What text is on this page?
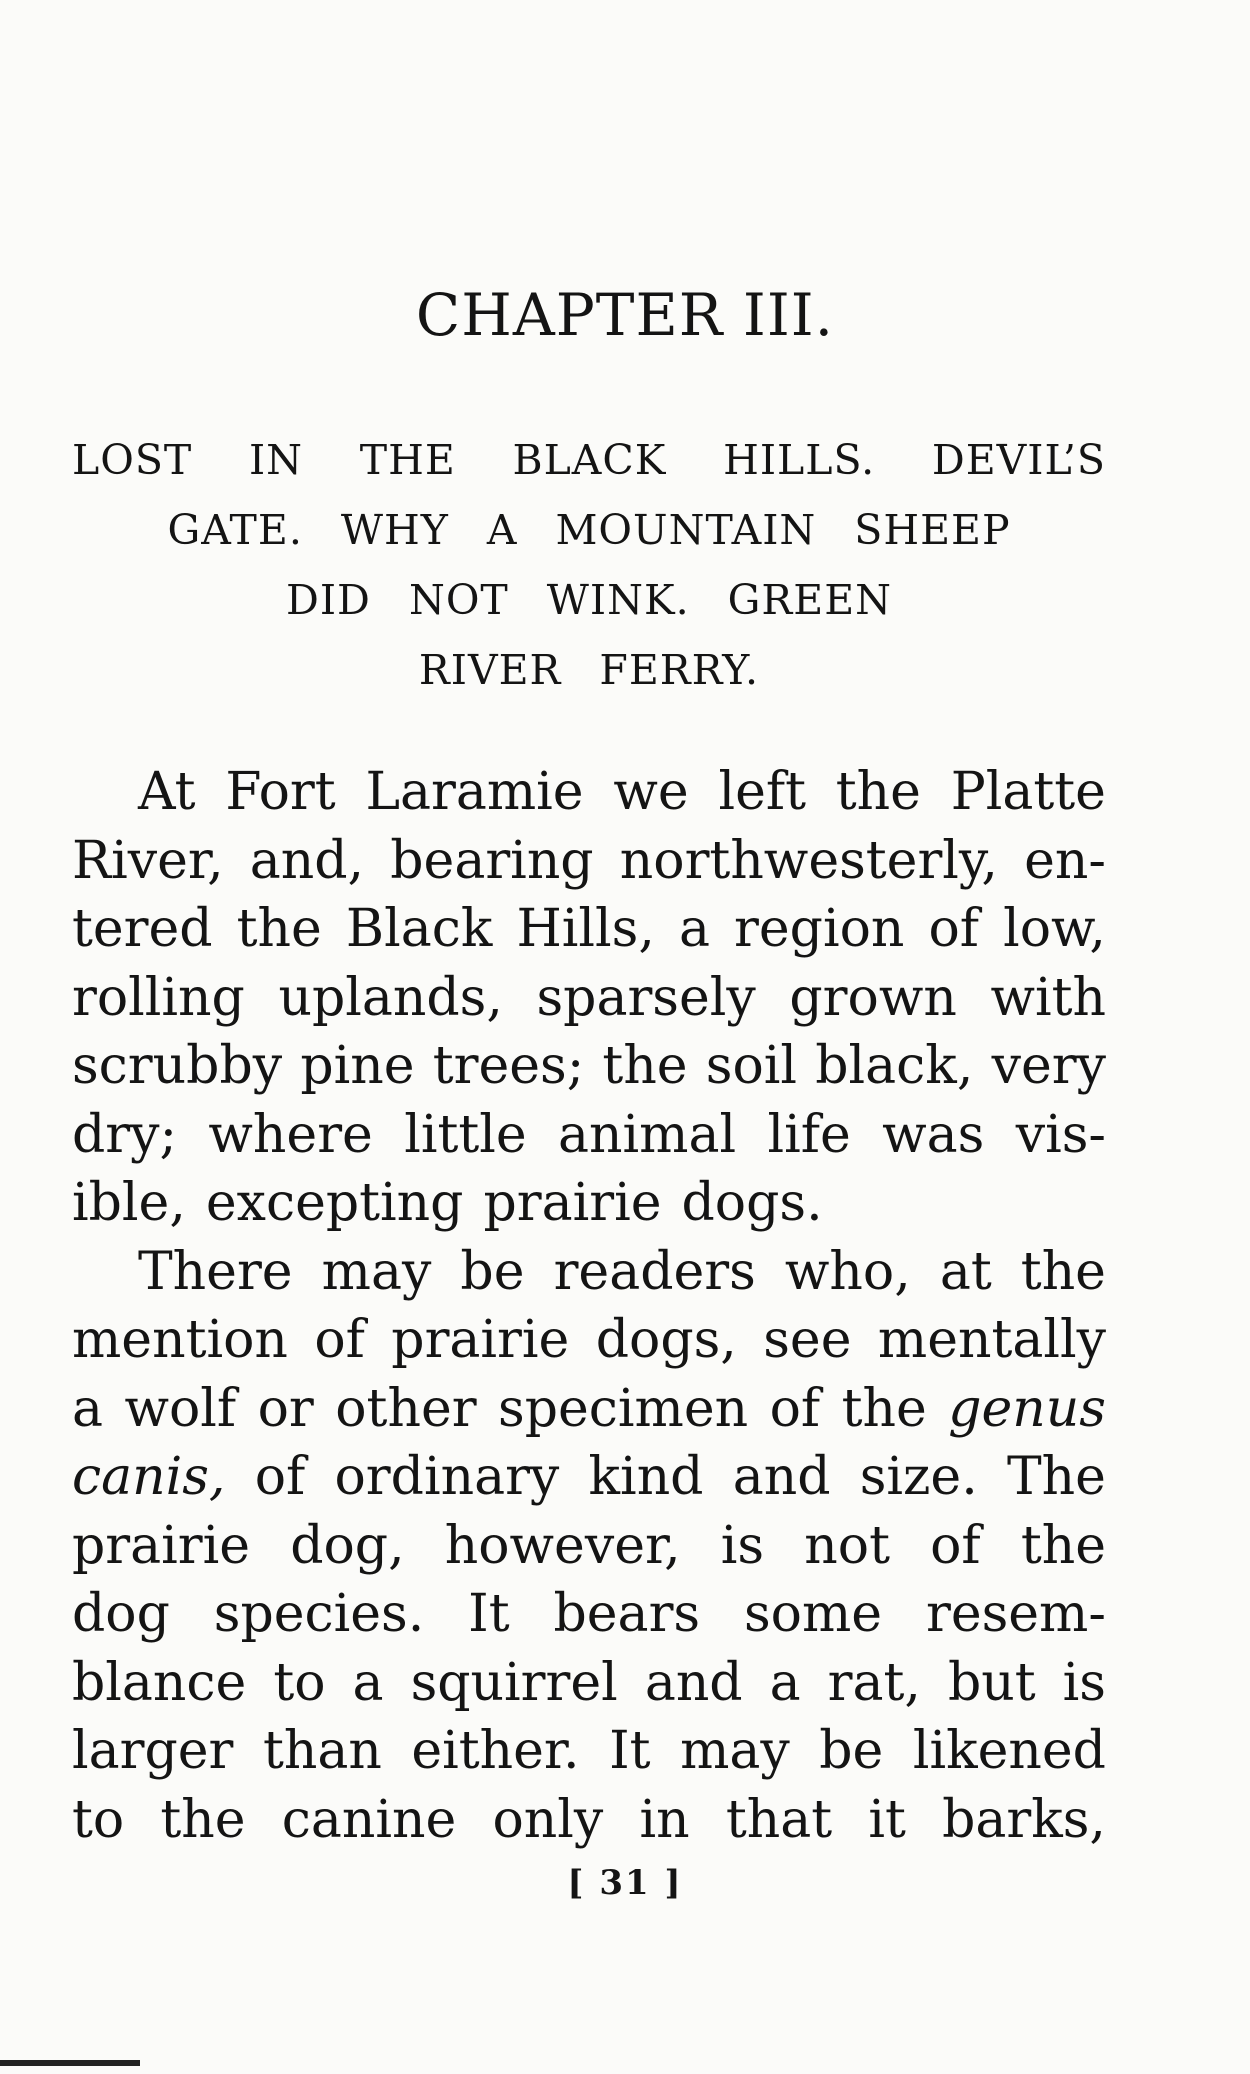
CHAPTER III.
LOST IN THE BLACK HILLS. DEVIL’S
GATE. WHY A MOUNTAIN SHEEP
DID NOT WINK. GREEN
RIVER FERRY.
At Fort Laramie we left the Platte
River, and, bearing northwesterly, en-
tered the Black Hills, a region of low,
rolling uplands, sparsely grown with
scrubby pine trees; the soil black, very
dry; where little animal life was vis-
ible, excepting prairie dogs.
There may be readers who, at the
mention of prairie dogs, see mentally
a wolf or other specimen of the genus
canis, of ordinary kind and size. The
prairie dog, however, is not of the
dog species. It bears some resem-
blance to a squirrel and a rat, but is
larger than either. It may be likened
to the canine only in that it barks,
[ 31 ]
